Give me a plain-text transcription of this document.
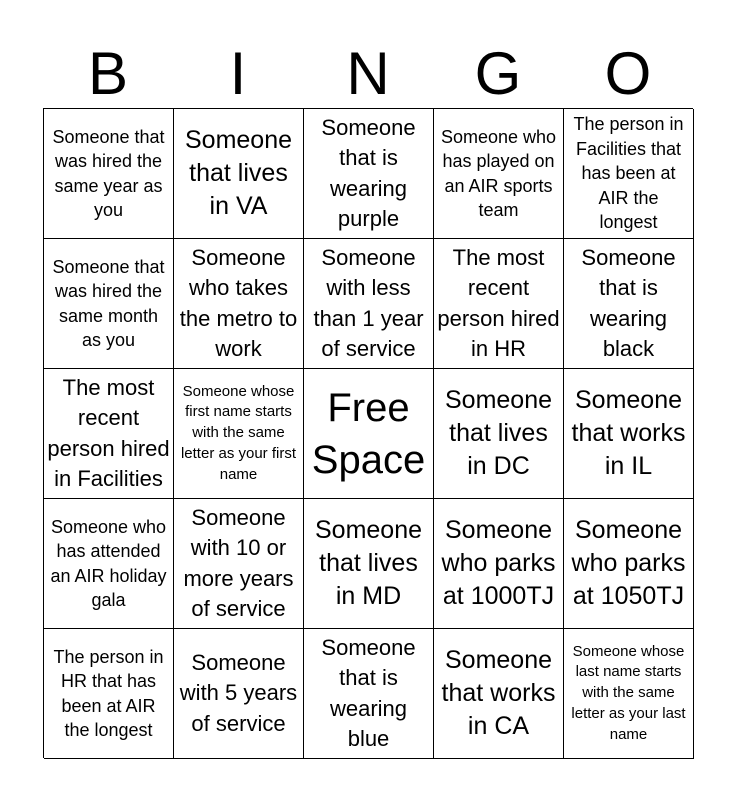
B	I	N	G	O
Someone that was hired the same year as you
Someone that lives in VA
Someone that is wearing purple
Someone who has played on an AIR sports team
The person in Facilities that has been at AIR the longest
Someone that was hired the same month as you
Someone who takes the metro to work
Someone with less than 1 year of service
The most recent person hired in HR
Someone that is wearing black
The most recent person hired in Facilities
Someone whose first name starts with the same letter as your first name
Free Space
Someone that lives in DC
Someone that works in IL
Someone who has attended an AIR holiday gala
Someone with 10 or more years of service
Someone that lives in MD
Someone who parks at 1000TJ
Someone who parks at 1050TJ
The person in HR that has been at AIR the longest
Someone with 5 years of service
Someone that is wearing blue
Someone that works in CA
Someone whose last name starts with the same letter as your last name
